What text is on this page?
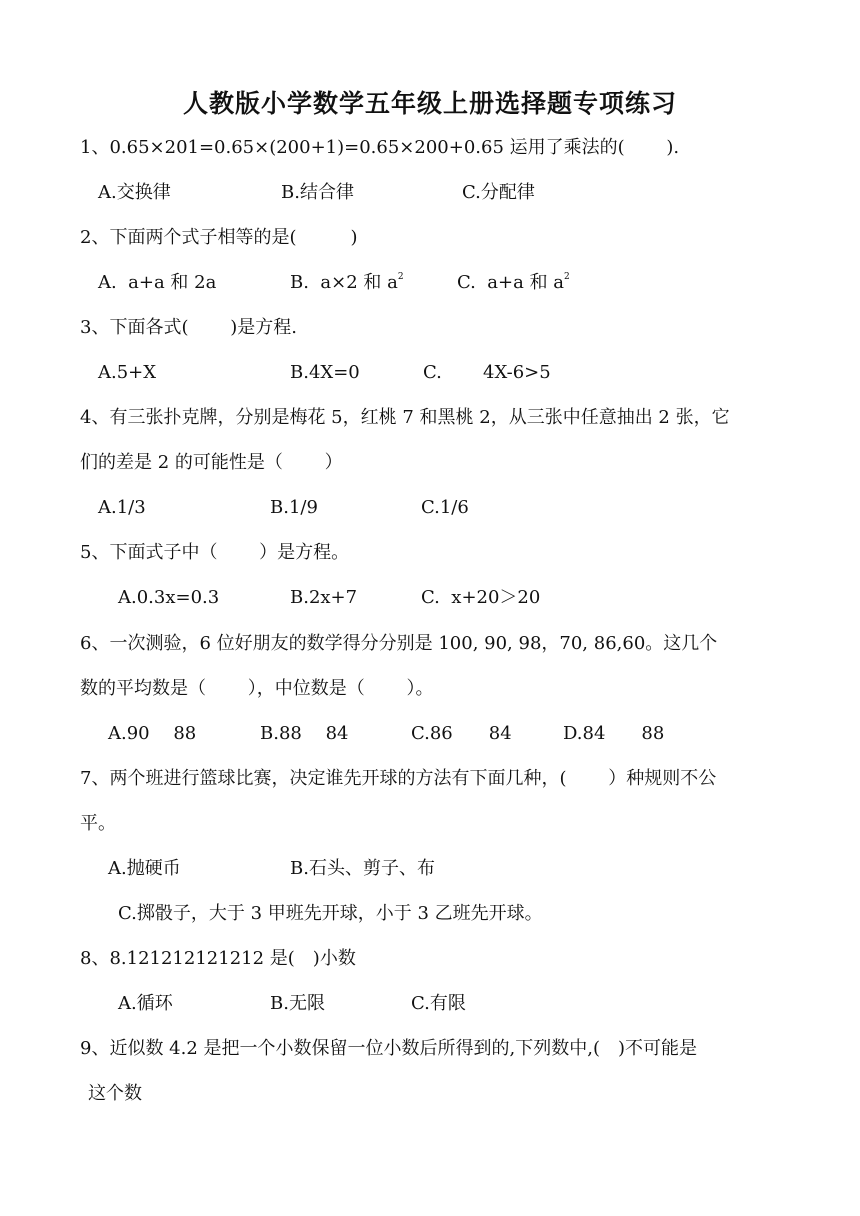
人教版小学数学五年级上册选择题专项练习
1、0.65×201=0.65×(200+1)=0.65×200+0.65 运用了乘法的(　　 ).
A.交换律	B.结合律	C.分配律
2、下面两个式子相等的是(　　　)
A.  a+a 和 2a	B.  a×2 和 $a^2$	C.  a+a 和 $a^2$
3、下面各式(　　 )是方程.
A.5+X	B.4X=0	C. 4X-6>5
4、有三张扑克牌，分别是梅花 5，红桃 7 和黑桃 2，从三张中任意抽出 2 张，它
们的差是 2 的可能性是（　　 ）
A.1/3	B.1/9	C.1/6
5、下面式子中（　　 ）是方程。
A.0.3x=0.3	B.2x+7	C.  x+20＞20
6、一次测验，6 位好朋友的数学得分分别是 100, 90, 98，70, 86,60。这几个
数的平均数是（　　 ），中位数是（　　 ）。
A.90　 88	B.88　 84	C.86　　84	D.84　　88
7、两个班进行篮球比赛，决定谁先开球的方法有下面几种，(　　 ）种规则不公
平。
A.抛硬币	B.石头、剪子、布
C.掷骰子，大于 3 甲班先开球，小于 3 乙班先开球。
8、8.121212121212 是(　)小数
A.循环	B.无限	C.有限
9、近似数 4.2 是把一个小数保留一位小数后所得到的,下列数中,(　)不可能是
这个数
